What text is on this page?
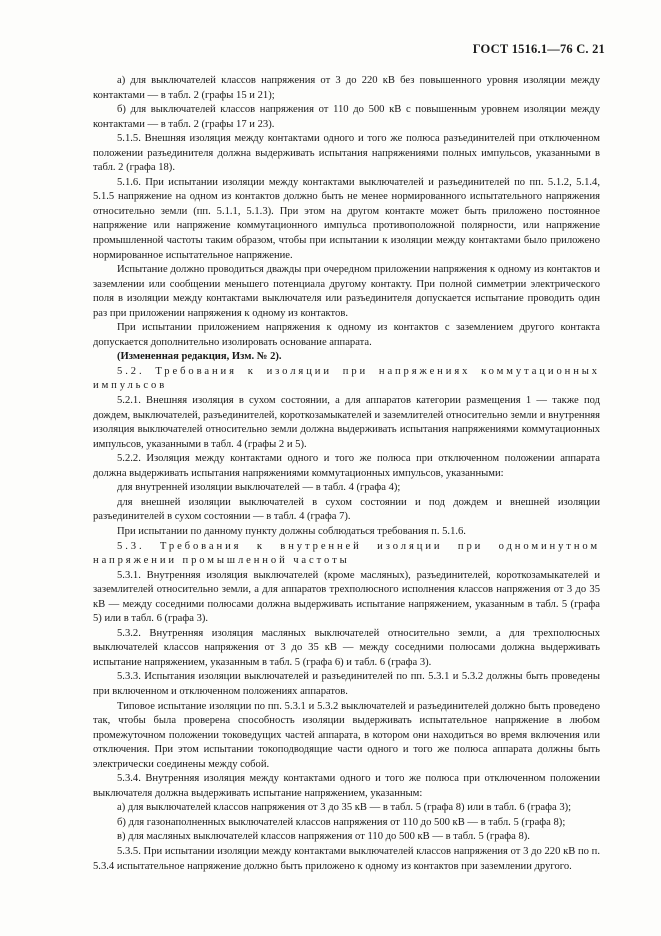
ГОСТ 1516.1—76 С. 21

а) для выключателей классов напряжения от 3 до 220 кВ без повышенного уровня изоляции между контактами — в табл. 2 (графы 15 и 21);

б) для выключателей классов напряжения от 110 до 500 кВ с повышенным уровнем изоляции между контактами — в табл. 2 (графы 17 и 23).

5.1.5. Внешняя изоляция между контактами одного и того же полюса разъединителей при отключенном положении разъединителя должна выдерживать испытания напряжениями полных импульсов, указанными в табл. 2 (графа 18).

5.1.6. При испытании изоляции между контактами выключателей и разъединителей по пп. 5.1.2, 5.1.4, 5.1.5 напряжение на одном из контактов должно быть не менее нормированного испытательного напряжения относительно земли (пп. 5.1.1, 5.1.3). При этом на другом контакте может быть приложено постоянное напряжение или напряжение коммутационного импульса противоположной полярности, или напряжение промышленной частоты таким образом, чтобы при испытании к изоляции между контактами было приложено нормированное испытательное напряжение.

Испытание должно проводиться дважды при очередном приложении напряжения к одному из контактов и заземлении или сообщении меньшего потенциала другому контакту. При полной симметрии электрического поля в изоляции между контактами выключателя или разъединителя допускается испытание проводить один раз при приложении напряжения к одному из контактов.

При испытании приложением напряжения к одному из контактов с заземлением другого контакта допускается дополнительно изолировать основание аппарата.

(Измененная редакция, Изм. № 2).

5.2. Требования к изоляции при напряжениях коммутационных импульсов

5.2.1. Внешняя изоляция в сухом состоянии, а для аппаратов категории размещения 1 — также под дождем, выключателей, разъединителей, короткозамыкателей и заземлителей относительно земли и внутренняя изоляция выключателей относительно земли должна выдерживать испытания напряжениями коммутационных импульсов, указанными в табл. 4 (графы 2 и 5).

5.2.2. Изоляция между контактами одного и того же полюса при отключенном положении аппарата должна выдерживать испытания напряжениями коммутационных импульсов, указанными:

для внутренней изоляции выключателей — в табл. 4 (графа 4);

для внешней изоляции выключателей в сухом состоянии и под дождем и внешней изоляции разъединителей в сухом состоянии — в табл. 4 (графа 7).

При испытании по данному пункту должны соблюдаться требования п. 5.1.6.

5.3. Требования к внутренней изоляции при одноминутном напряжении промышленной частоты

5.3.1. Внутренняя изоляция выключателей (кроме масляных), разъединителей, короткозамыкателей и заземлителей относительно земли, а для аппаратов трехполюсного исполнения классов напряжения от 3 до 35 кВ — между соседними полюсами должна выдерживать испытание напряжением, указанным в табл. 5 (графа 5) или в табл. 6 (графа 3).

5.3.2. Внутренняя изоляция масляных выключателей относительно земли, а для трехполюсных выключателей классов напряжения от 3 до 35 кВ — между соседними полюсами должна выдерживать испытание напряжением, указанным в табл. 5 (графа 6) и табл. 6 (графа 3).

5.3.3. Испытания изоляции выключателей и разъединителей по пп. 5.3.1 и 5.3.2 должны быть проведены при включенном и отключенном положениях аппаратов.

Типовое испытание изоляции по пп. 5.3.1 и 5.3.2 выключателей и разъединителей должно быть проведено так, чтобы была проверена способность изоляции выдерживать испытательное напряжение в любом промежуточном положении токоведущих частей аппарата, в котором они находиться во время включения или отключения. При этом испытании токоподводящие части одного и того же полюса аппарата должны быть электрически соединены между собой.

5.3.4. Внутренняя изоляция между контактами одного и того же полюса при отключенном положении выключателя должна выдерживать испытание напряжением, указанным:

а) для выключателей классов напряжения от 3 до 35 кВ — в табл. 5 (графа 8) или в табл. 6 (графа 3);

б) для газонаполненных выключателей классов напряжения от 110 до 500 кВ — в табл. 5 (графа 8);

в) для масляных выключателей классов напряжения от 110 до 500 кВ — в табл. 5 (графа 8).

5.3.5. При испытании изоляции между контактами выключателей классов напряжения от 3 до 220 кВ по п. 5.3.4 испытательное напряжение должно быть приложено к одному из контактов при заземлении другого.
